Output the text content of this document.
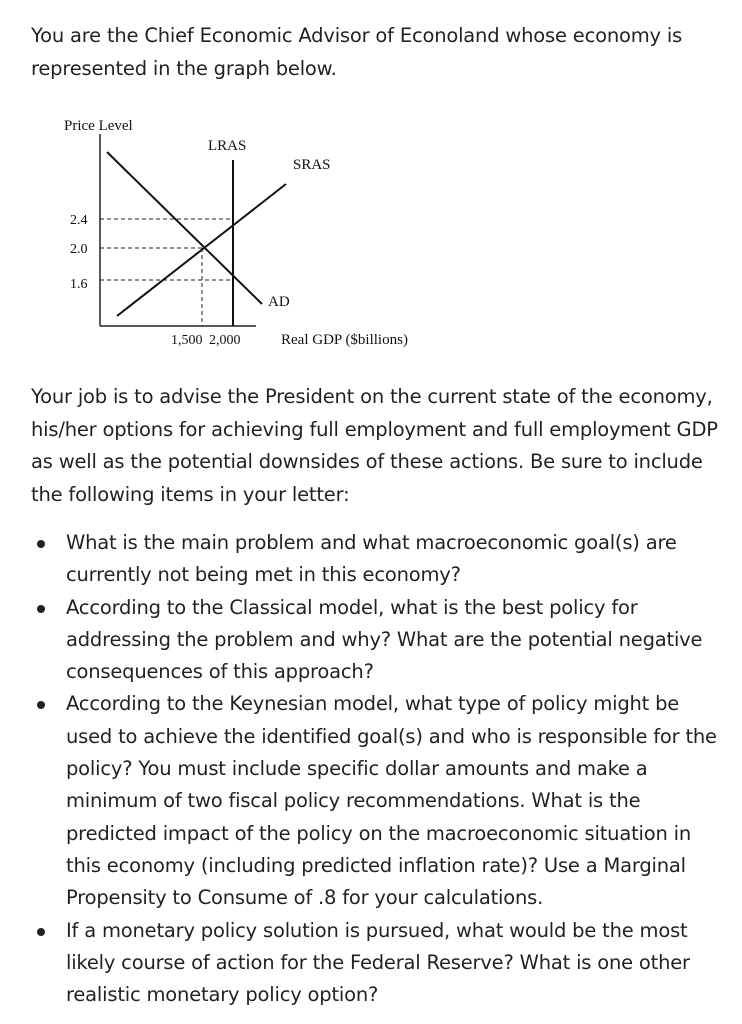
You are the Chief Economic Advisor of Econoland whose economy is represented in the graph below.

Price Level
Real GDP ($billions)
2.4
2.0
1.6
1,500 2,000
LRAS
SRAS
AD

Your job is to advise the President on the current state of the economy, his/her options for achieving full employment and full employment GDP as well as the potential downsides of these actions. Be sure to include the following items in your letter:

What is the main problem and what macroeconomic goal(s) are currently not being met in this economy?
According to the Classical model, what is the best policy for addressing the problem and why? What are the potential negative consequences of this approach?
According to the Keynesian model, what type of policy might be used to achieve the identified goal(s) and who is responsible for the policy? You must include specific dollar amounts and make a minimum of two fiscal policy recommendations. What is the predicted impact of the policy on the macroeconomic situation in this economy (including predicted inflation rate)? Use a Marginal Propensity to Consume of .8 for your calculations.
If a monetary policy solution is pursued, what would be the most likely course of action for the Federal Reserve? What is one other realistic monetary policy option?
